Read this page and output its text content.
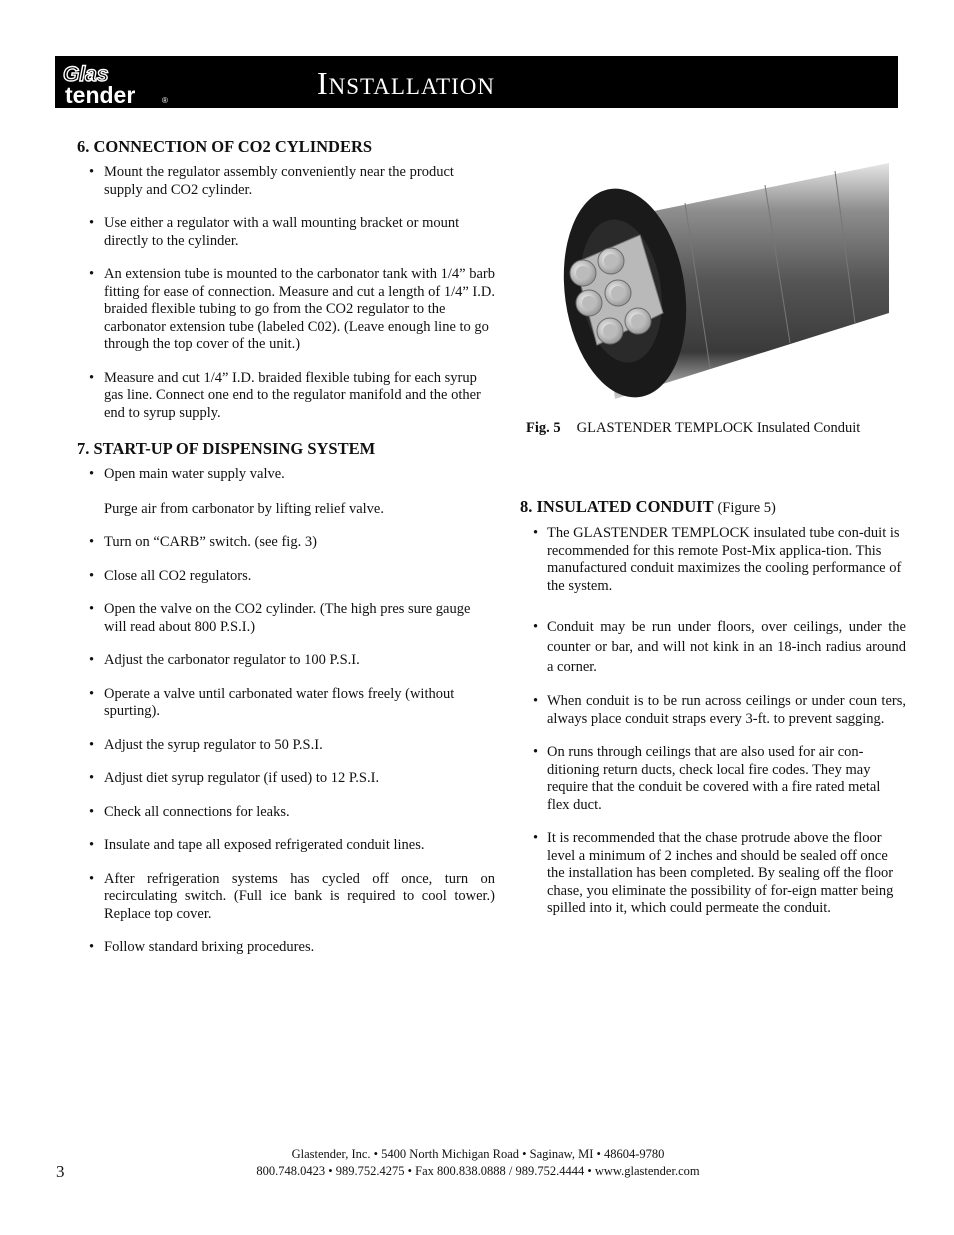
Glas
tender	®	INSTALLATION
6. CONNECTION OF CO2 CYLINDERS
• Mount the regulator assembly conveniently near the product supply and CO2 cylinder.
• Use either a regulator with a wall mounting bracket or mount directly to the cylinder.
• An extension tube is mounted to the carbonator tank with 1/4” barb fitting for ease of connection. Measure and cut a length of 1/4” I.D. braided flexible tubing to go from the CO2 regulator to the carbonator extension tube (labeled C02). (Leave enough line to go through the top cover of the unit.)
• Measure and cut 1/4” I.D. braided flexible tubing for each syrup gas line. Connect one end to the regulator manifold and the other end to syrup supply.
7. START-UP OF DISPENSING SYSTEM
• Open main water supply valve.
Purge air from carbonator by lifting relief valve.
• Turn on “CARB” switch. (see fig. 3)
• Close all CO2 regulators.
• Open the valve on the CO2 cylinder. (The high pres sure gauge will read about 800 P.S.I.)
• Adjust the carbonator regulator to 100 P.S.I.
• Operate a valve until carbonated water flows freely (without spurting).
• Adjust the syrup regulator to 50 P.S.I.
• Adjust diet syrup regulator (if used) to 12 P.S.I.
• Check all connections for leaks.
• Insulate and tape all exposed refrigerated conduit lines.
• After refrigeration systems has cycled off once, turn on recirculating switch. (Full ice bank is required to cool tower.) Replace top cover.
• Follow standard brixing procedures.
Fig. 5 GLASTENDER TEMPLOCK Insulated Conduit
8. INSULATED CONDUIT (Figure 5)
• The GLASTENDER TEMPLOCK insulated tube con-duit is recommended for this remote Post-Mix applica-tion. This manufactured conduit maximizes the cooling performance of the system.
• Conduit may be run under floors, over ceilings, under the counter or bar, and will not kink in an 18-inch radius around a corner.
• When conduit is to be run across ceilings or under coun ters, always place conduit straps every 3-ft. to prevent sagging.
• On runs through ceilings that are also used for air con-ditioning return ducts, check local fire codes. They may require that the conduit be covered with a fire rated metal flex duct.
• It is recommended that the chase protrude above the floor level a minimum of 2 inches and should be sealed off once the installation has been completed. By sealing off the floor chase, you eliminate the possibility of for-eign matter being spilled into it, which could permeate the conduit.
3
Glastender, Inc. • 5400 North Michigan Road • Saginaw, MI • 48604-9780
800.748.0423 • 989.752.4275 • Fax 800.838.0888 / 989.752.4444 • www.glastender.com
